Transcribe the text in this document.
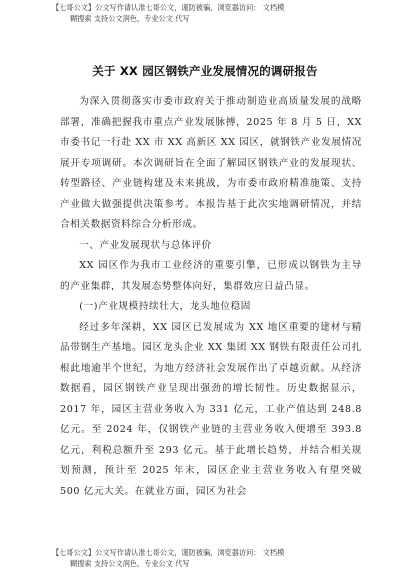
【七哥公文】公文写作请认准七哥公文，谨防被骗，浏览器访问： 文档模
糊搜索 支持公文润色，专业公文 代写
关于 XX 园区钢铁产业发展情况的调研报告

为深入贯彻落实市委市政府关于推动制造业高质量发展的战略部署，准确把握我市重点产业发展脉搏，2025 年 8 月 5 日，XX 市委书记一行赴 XX 市 XX 高新区 XX 园区，就钢铁产业发展情况展开专项调研。本次调研旨在全面了解园区钢铁产业的发展现状、转型路径、产业链构建及未来挑战，为市委市政府精准施策、支持产业做大做强提供决策参考。本报告基于此次实地调研情况，并结合相关数据资料综合分析形成。

一、产业发展现状与总体评价

XX 园区作为我市工业经济的重要引擎，已形成以钢铁为主导的产业集群，其发展态势整体向好，集群效应日益凸显。

(一)产业规模持续壮大，龙头地位稳固

经过多年深耕，XX 园区已发展成为 XX 地区重要的建材与精品带钢生产基地。园区龙头企业 XX 集团 XX 钢铁有限责任公司扎根此地逾半个世纪，为地方经济社会发展作出了卓越贡献。从经济数据看，园区钢铁产业呈现出强劲的增长韧性。历史数据显示，2017 年，园区主营业务收入为 331 亿元，工业产值达到 248.8 亿元。至 2024 年，仅钢铁产业链的主营业务收入便增至 393.8 亿元，利税总额升至 293 亿元。基于此增长趋势，并结合相关规划预测，预计至 2025 年末，园区企业主营业务收入有望突破 500 亿元大关。在就业方面，园区为社会

【七哥公文】公文写作请认准七哥公文，谨防被骗，浏览器访问： 文档模
糊搜索 支持公文润色，专业公文 代写
